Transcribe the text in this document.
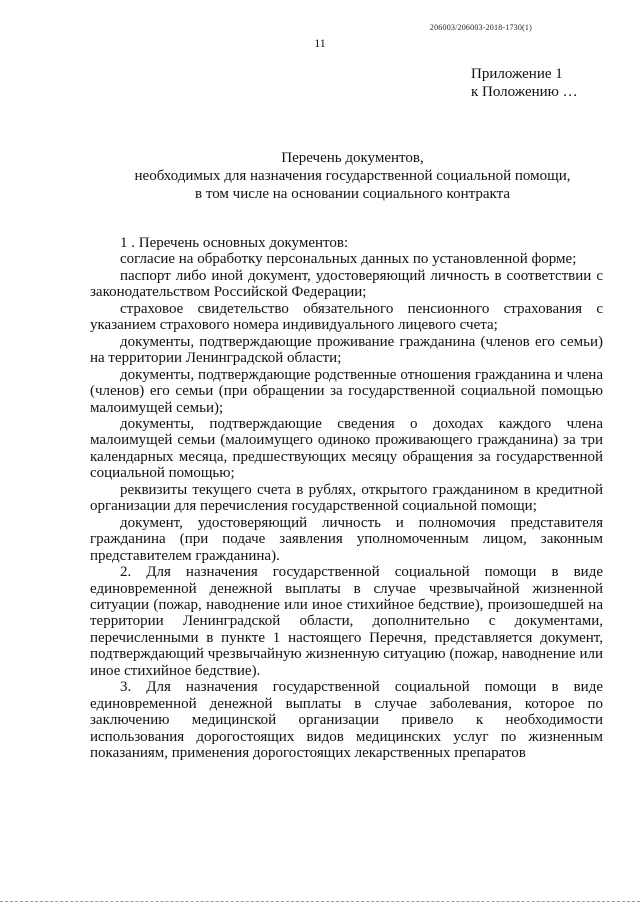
206003/206003-2018-1730(1)
11
Приложение 1
к Положению …
Перечень документов,
необходимых для назначения государственной социальной помощи,
в том числе на основании социального контракта

1 . Перечень основных документов:

согласие на обработку персональных данных по установленной форме;

паспорт либо иной документ, удостоверяющий личность в соответствии с законодательством Российской Федерации;

страховое свидетельство обязательного пенсионного страхования с указанием страхового номера индивидуального лицевого счета;

документы, подтверждающие проживание гражданина (членов его семьи) на территории Ленинградской области;

документы, подтверждающие родственные отношения гражданина и члена (членов) его семьи (при обращении за государственной социальной помощью малоимущей семьи);

документы, подтверждающие сведения о доходах каждого члена малоимущей семьи (малоимущего одиноко проживающего гражданина) за три календарных месяца, предшествующих месяцу обращения за государственной социальной помощью;

реквизиты текущего счета в рублях, открытого гражданином в кредитной организации для перечисления государственной социальной помощи;

документ, удостоверяющий личность и полномочия представителя гражданина (при подаче заявления уполномоченным лицом, законным представителем гражданина).

2. Для назначения государственной социальной помощи в виде единовременной денежной выплаты в случае чрезвычайной жизненной ситуации (пожар, наводнение или иное стихийное бедствие), произошедшей на территории Ленинградской области, дополнительно с документами, перечисленными в пункте 1 настоящего Перечня, представляется документ, подтверждающий чрезвычайную жизненную ситуацию (пожар, наводнение или иное стихийное бедствие).

3. Для назначения государственной социальной помощи в виде единовременной денежной выплаты в случае заболевания, которое по заключению медицинской организации привело к необходимости использования дорогостоящих видов медицинских услуг по жизненным показаниям, применения дорогостоящих лекарственных препаратов
